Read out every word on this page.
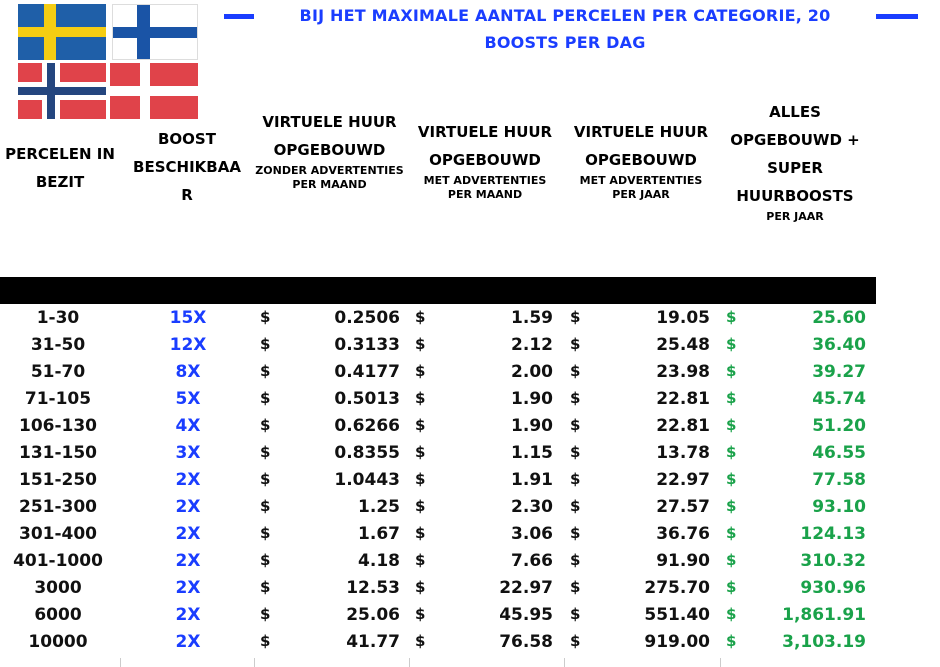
BIJ HET MAXIMALE AANTAL PERCELEN PER CATEGORIE, 20 BOOSTS PER DAG
PERCELEN IN BEZIT
BOOST BESCHIKBAA R
VIRTUELE HUUR OPGEBOUWD
ZONDER ADVERTENTIES PER MAAND
VIRTUELE HUUR OPGEBOUWD
MET ADVERTENTIES PER MAAND
VIRTUELE HUUR OPGEBOUWD
MET ADVERTENTIES PER JAAR
ALLES OPGEBOUWD + SUPER HUURBOOSTS
PER JAAR
1-30	15X	$	0.2506 $	1.59 $	19.05 $	25.60
31-50	12X	$	0.3133 $	2.12 $	25.48 $	36.40
51-70	8X	$	0.4177 $	2.00 $	23.98 $	39.27
71-105	5X	$	0.5013 $	1.90 $	22.81 $	45.74
106-130	4X	$	0.6266 $	1.90 $	22.81 $	51.20
131-150	3X	$	0.8355 $	1.15 $	13.78 $	46.55
151-250	2X	$	1.0443 $	1.91 $	22.97 $	77.58
251-300	2X	$	1.25 $	2.30 $	27.57 $	93.10
301-400	2X	$	1.67 $	3.06 $	36.76 $	124.13
401-1000	2X	$	4.18 $	7.66 $	91.90 $	310.32
3000	2X	$	12.53 $	22.97 $	275.70 $	930.96
6000	2X	$	25.06 $	45.95 $	551.40 $	1,861.91
10000	2X	$	41.77 $	76.58 $	919.00 $	3,103.19
